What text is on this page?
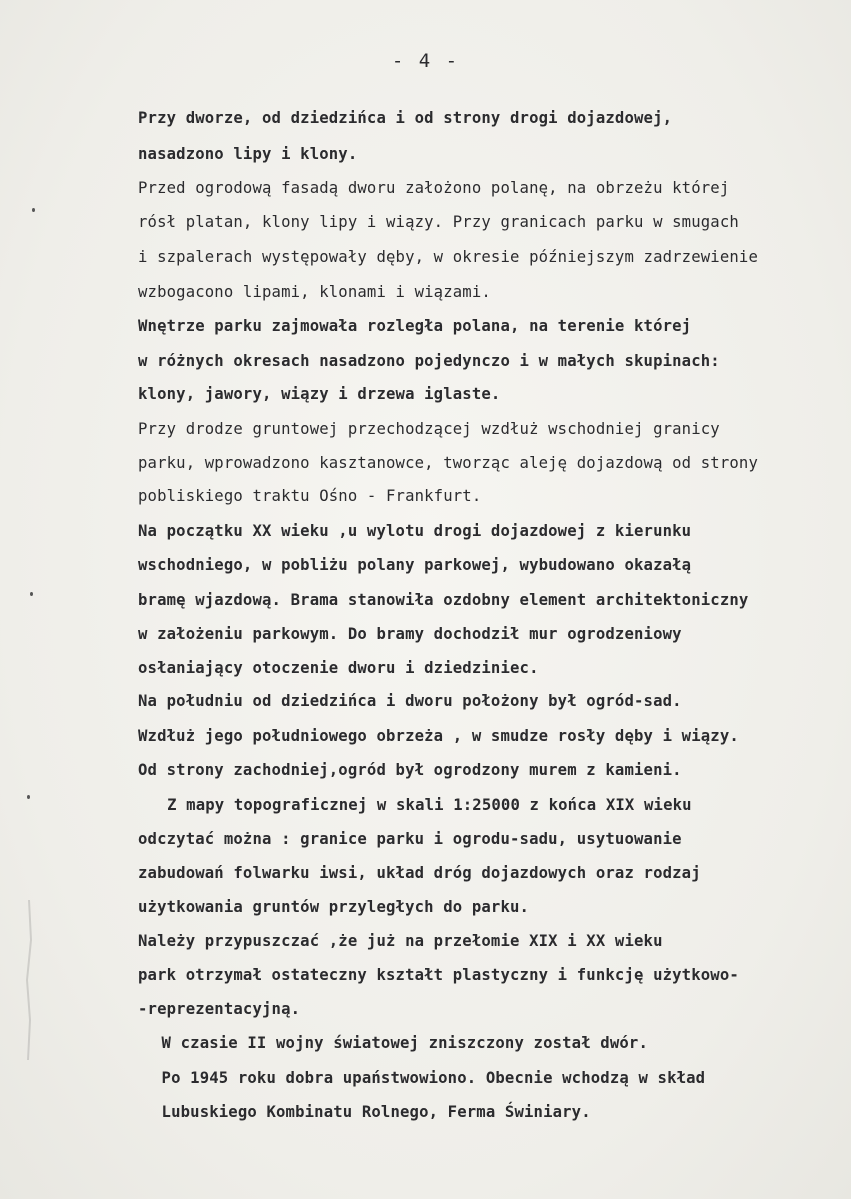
- 4 -
Przy dworze, od dziedzińca i od strony drogi dojazdowej,
nasadzono lipy i klony.
Przed ogrodową fasadą dworu założono polanę, na obrzeżu której
rósł platan, klony lipy i wiązy. Przy granicach parku w smugach
i szpalerach występowały dęby, w okresie późniejszym zadrzewienie
wzbogacono lipami, klonami i wiązami.
Wnętrze parku zajmowała rozległa polana, na terenie której
w różnych okresach nasadzono pojedynczo i w małych skupinach:
klony, jawory, wiązy i drzewa iglaste.
Przy drodze gruntowej przechodzącej wzdłuż wschodniej granicy
parku, wprowadzono kasztanowce, tworząc aleję dojazdową od strony
pobliskiego traktu Ośno - Frankfurt.
Na początku XX wieku ,u wylotu drogi dojazdowej z kierunku
wschodniego, w pobliżu polany parkowej, wybudowano okazałą
bramę wjazdową. Brama stanowiła ozdobny element architektoniczny
w założeniu parkowym. Do bramy dochodził mur ogrodzeniowy
osłaniający otoczenie dworu i dziedziniec.
Na południu od dziedzińca i dworu położony był ogród-sad.
Wzdłuż jego południowego obrzeża , w smudze rosły dęby i wiązy.
Od strony zachodniej,ogród był ogrodzony murem z kamieni.
Z mapy topograficznej w skali 1:25000 z końca XIX wieku
odczytać można : granice parku i ogrodu-sadu, usytuowanie
zabudowań folwarku iwsi, układ dróg dojazdowych oraz rodzaj
użytkowania gruntów przyległych do parku.
Należy przypuszczać ,że już na przełomie XIX i XX wieku
park otrzymał ostateczny kształt plastyczny i funkcję użytkowo-
-reprezentacyjną.
W czasie II wojny światowej zniszczony został dwór.
Po 1945 roku dobra upaństwowiono. Obecnie wchodzą w skład
Lubuskiego Kombinatu Rolnego, Ferma Świniary.
